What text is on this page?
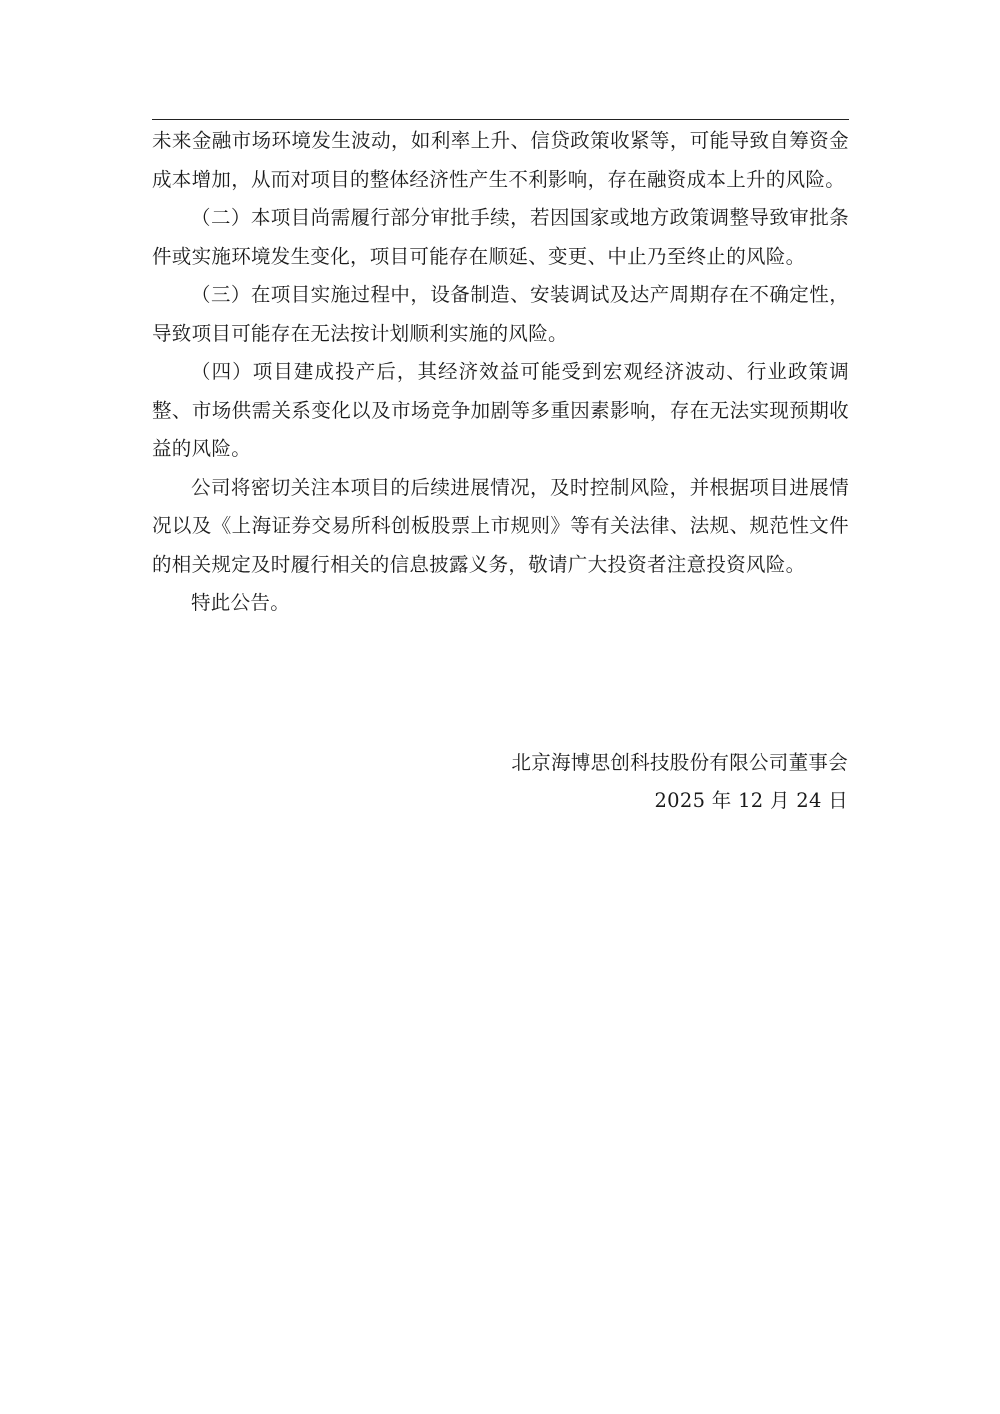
未来金融市场环境发生波动，如利率上升、信贷政策收紧等，可能导致自筹资金成本增加，从而对项目的整体经济性产生不利影响，存在融资成本上升的风险。

（二）本项目尚需履行部分审批手续，若因国家或地方政策调整导致审批条件或实施环境发生变化，项目可能存在顺延、变更、中止乃至终止的风险。

（三）在项目实施过程中，设备制造、安装调试及达产周期存在不确定性，导致项目可能存在无法按计划顺利实施的风险。

（四）项目建成投产后，其经济效益可能受到宏观经济波动、行业政策调整、市场供需关系变化以及市场竞争加剧等多重因素影响，存在无法实现预期收益的风险。

公司将密切关注本项目的后续进展情况，及时控制风险，并根据项目进展情况以及《上海证券交易所科创板股票上市规则》等有关法律、法规、规范性文件的相关规定及时履行相关的信息披露义务，敬请广大投资者注意投资风险。

特此公告。

北京海博思创科技股份有限公司董事会
2025 年 12 月 24 日
